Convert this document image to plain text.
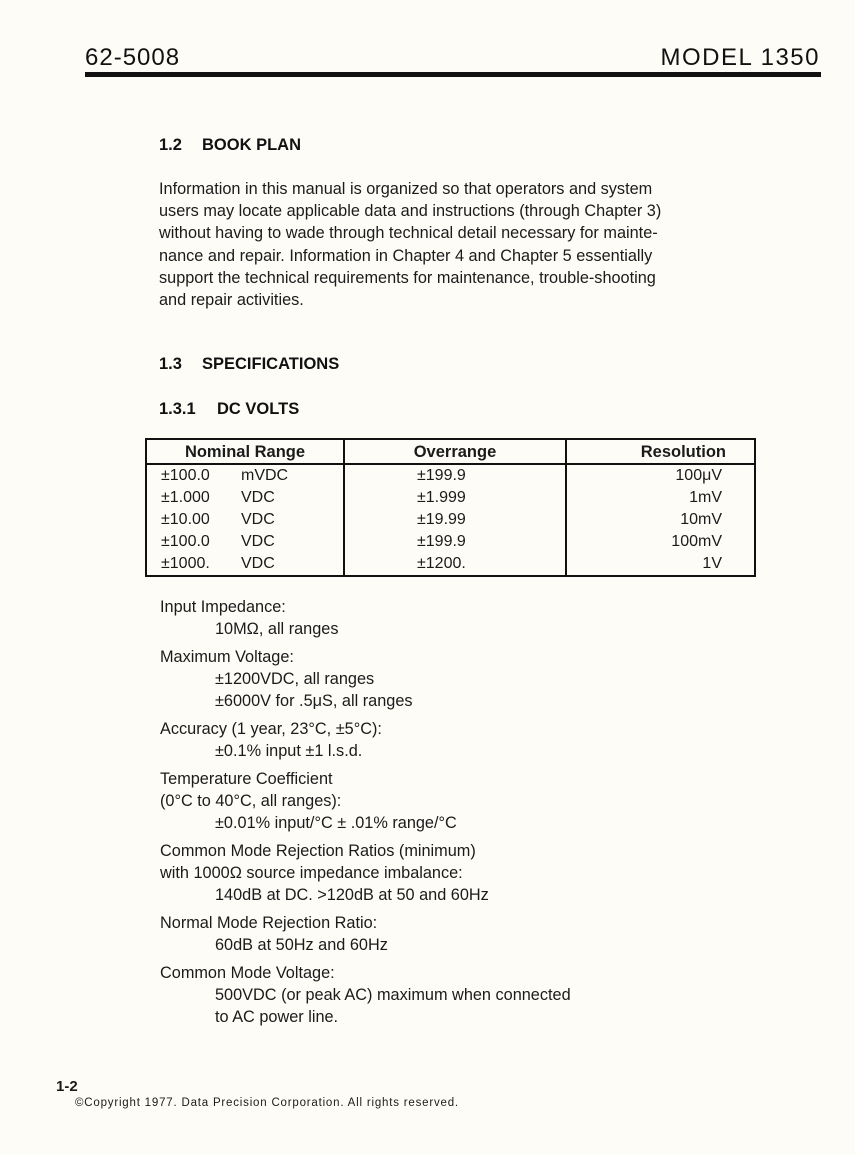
62-5008	MODEL 1350
1.2 BOOK PLAN

Information in this manual is organized so that operators and system

users may locate applicable data and instructions (through Chapter 3)

without having to wade through technical detail necessary for mainte-

nance and repair. Information in Chapter 4 and Chapter 5 essentially

support the technical requirements for maintenance, trouble-shooting

and repair activities.

1.3 SPECIFICATIONS
1.3.1 DC VOLTS
Nominal Range	Overrange	Resolution
±100.0 mVDC	±199.9	100μV
±1.000 VDC	±1.999	1mV
±10.00 VDC	±19.99	10mV
±100.0 VDC	±199.9	100mV
±1000. VDC	±1200.	1V

Input Impedance:

10MΩ, all ranges

Maximum Voltage:

±1200VDC, all ranges

±6000V for .5μS, all ranges

Accuracy (1 year, 23°C, ±5°C):

±0.1% input ±1 l.s.d.

Temperature Coefficient

(0°C to 40°C, all ranges):

±0.01% input/°C ± .01% range/°C

Common Mode Rejection Ratios (minimum)

with 1000Ω source impedance imbalance:

140dB at DC. >120dB at 50 and 60Hz

Normal Mode Rejection Ratio:

60dB at 50Hz and 60Hz

Common Mode Voltage:

500VDC (or peak AC) maximum when connected

to AC power line.

1-2
©Copyright 1977. Data Precision Corporation. All rights reserved.
